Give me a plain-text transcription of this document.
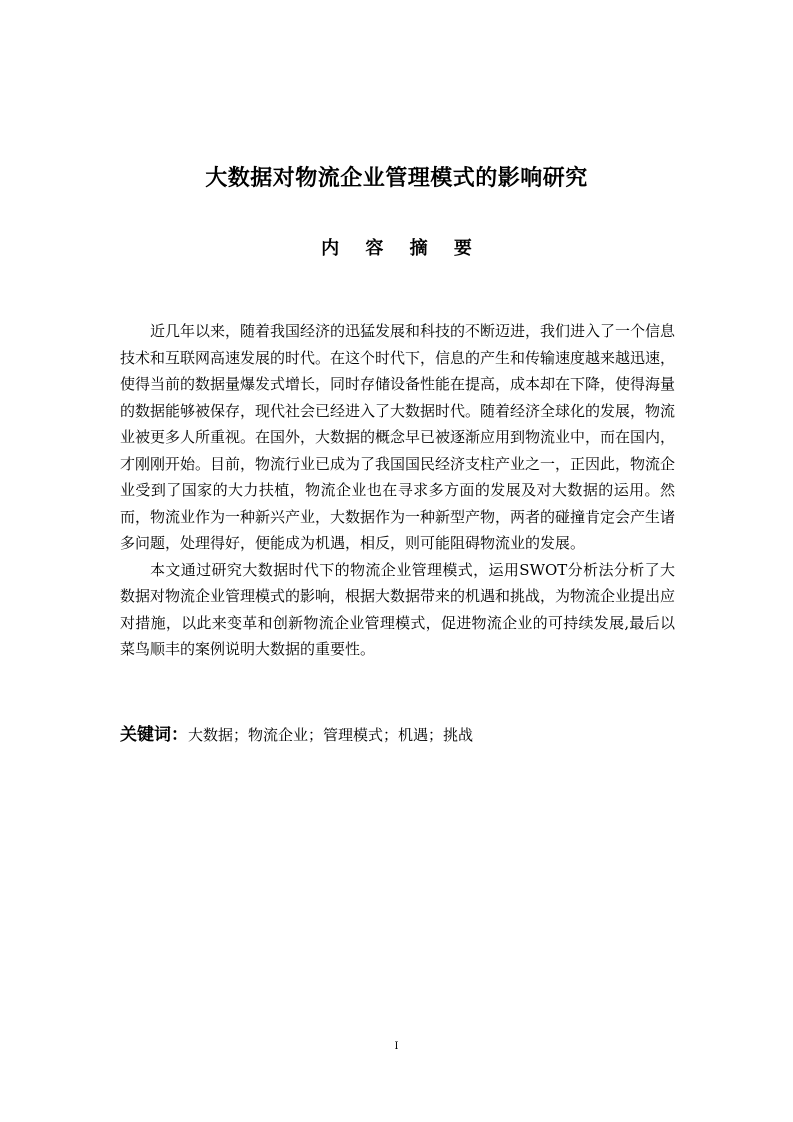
大数据对物流企业管理模式的影响研究
内 容 摘 要

近几年以来，随着我国经济的迅猛发展和科技的不断迈进，我们进入了一个信息技术和互联网高速发展的时代。在这个时代下，信息的产生和传输速度越来越迅速，使得当前的数据量爆发式增长，同时存储设备性能在提高，成本却在下降，使得海量的数据能够被保存，现代社会已经进入了大数据时代。随着经济全球化的发展，物流业被更多人所重视。在国外，大数据的概念早已被逐渐应用到物流业中，而在国内，才刚刚开始。目前，物流行业已成为了我国国民经济支柱产业之一，正因此，物流企业受到了国家的大力扶植，物流企业也在寻求多方面的发展及对大数据的运用。然而，物流业作为一种新兴产业，大数据作为一种新型产物，两者的碰撞肯定会产生诸多问题，处理得好，便能成为机遇，相反，则可能阻碍物流业的发展。

本文通过研究大数据时代下的物流企业管理模式，运用SWOT分析法分析了大数据对物流企业管理模式的影响，根据大数据带来的机遇和挑战，为物流企业提出应对措施，以此来变革和创新物流企业管理模式，促进物流企业的可持续发展,最后以菜鸟顺丰的案例说明大数据的重要性。

关键词：大数据；物流企业；管理模式；机遇；挑战
I
